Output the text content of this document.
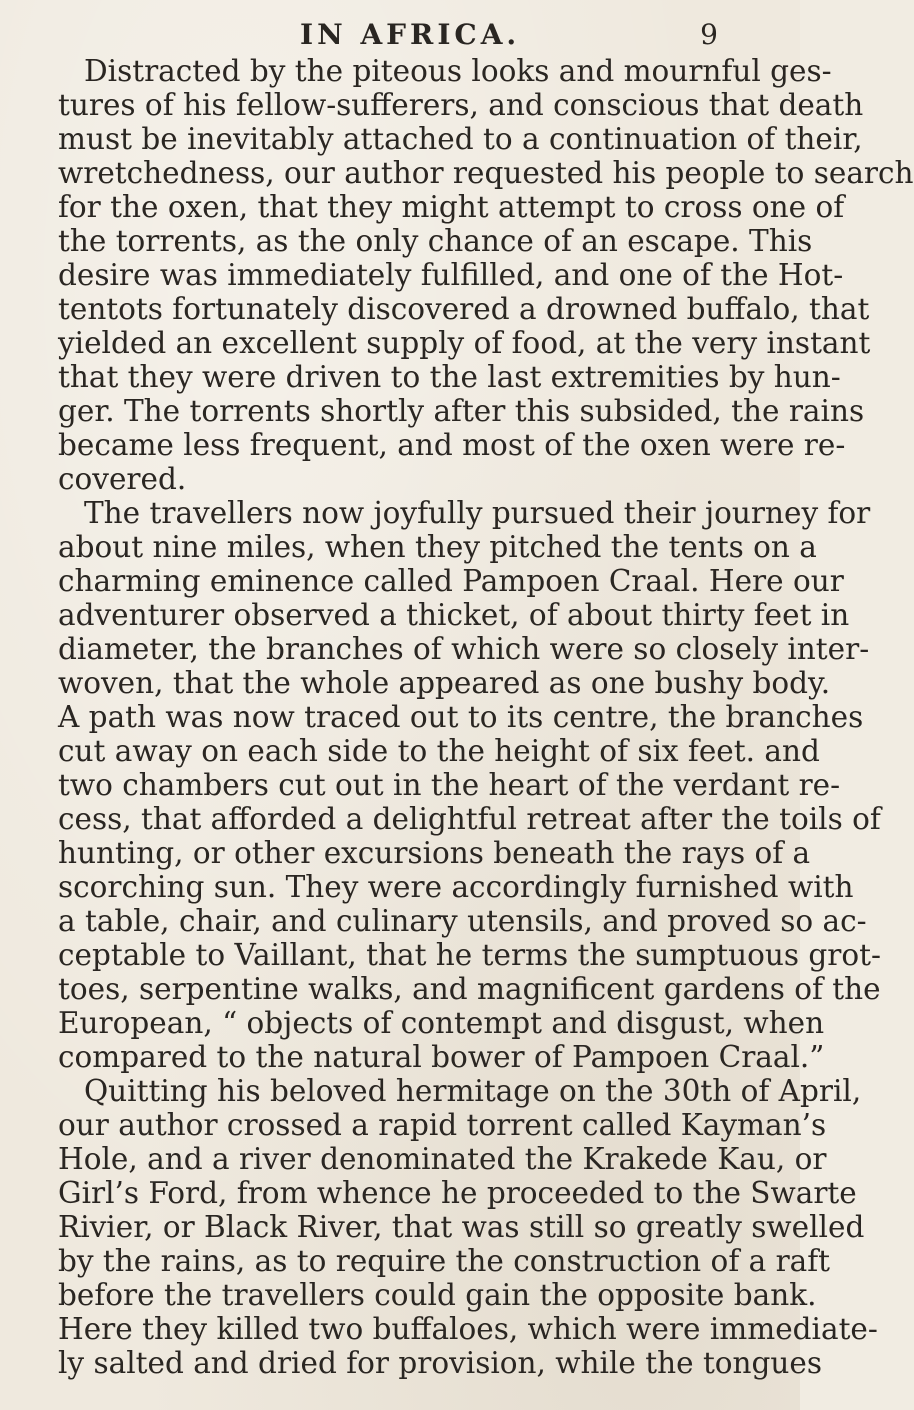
IN AFRICA.	9
Distracted by the piteous looks and mournful ges-
tures of his fellow-sufferers, and conscious that death
must be inevitably attached to a continuation of their,
wretchedness, our author requested his people to search
for the oxen, that they might attempt to cross one of
the torrents, as the only chance of an escape. This
desire was immediately fulfilled, and one of the Hot-
tentots fortunately discovered a drowned buffalo, that
yielded an excellent supply of food, at the very instant
that they were driven to the last extremities by hun-
ger. The torrents shortly after this subsided, the rains
became less frequent, and most of the oxen were re-
covered.
The travellers now joyfully pursued their journey for
about nine miles, when they pitched the tents on a
charming eminence called Pampoen Craal. Here our
adventurer observed a thicket, of about thirty feet in
diameter, the branches of which were so closely inter-
woven, that the whole appeared as one bushy body.
A path was now traced out to its centre, the branches
cut away on each side to the height of six feet. and
two chambers cut out in the heart of the verdant re-
cess, that afforded a delightful retreat after the toils of
hunting, or other excursions beneath the rays of a
scorching sun. They were accordingly furnished with
a table, chair, and culinary utensils, and proved so ac-
ceptable to Vaillant, that he terms the sumptuous grot-
toes, serpentine walks, and magnificent gardens of the
European, “ objects of contempt and disgust, when
compared to the natural bower of Pampoen Craal.”
Quitting his beloved hermitage on the 30th of April,
our author crossed a rapid torrent called Kayman’s
Hole, and a river denominated the Krakede Kau, or
Girl’s Ford, from whence he proceeded to the Swarte
Rivier, or Black River, that was still so greatly swelled
by the rains, as to require the construction of a raft
before the travellers could gain the opposite bank.
Here they killed two buffaloes, which were immediate-
ly salted and dried for provision, while the tongues
